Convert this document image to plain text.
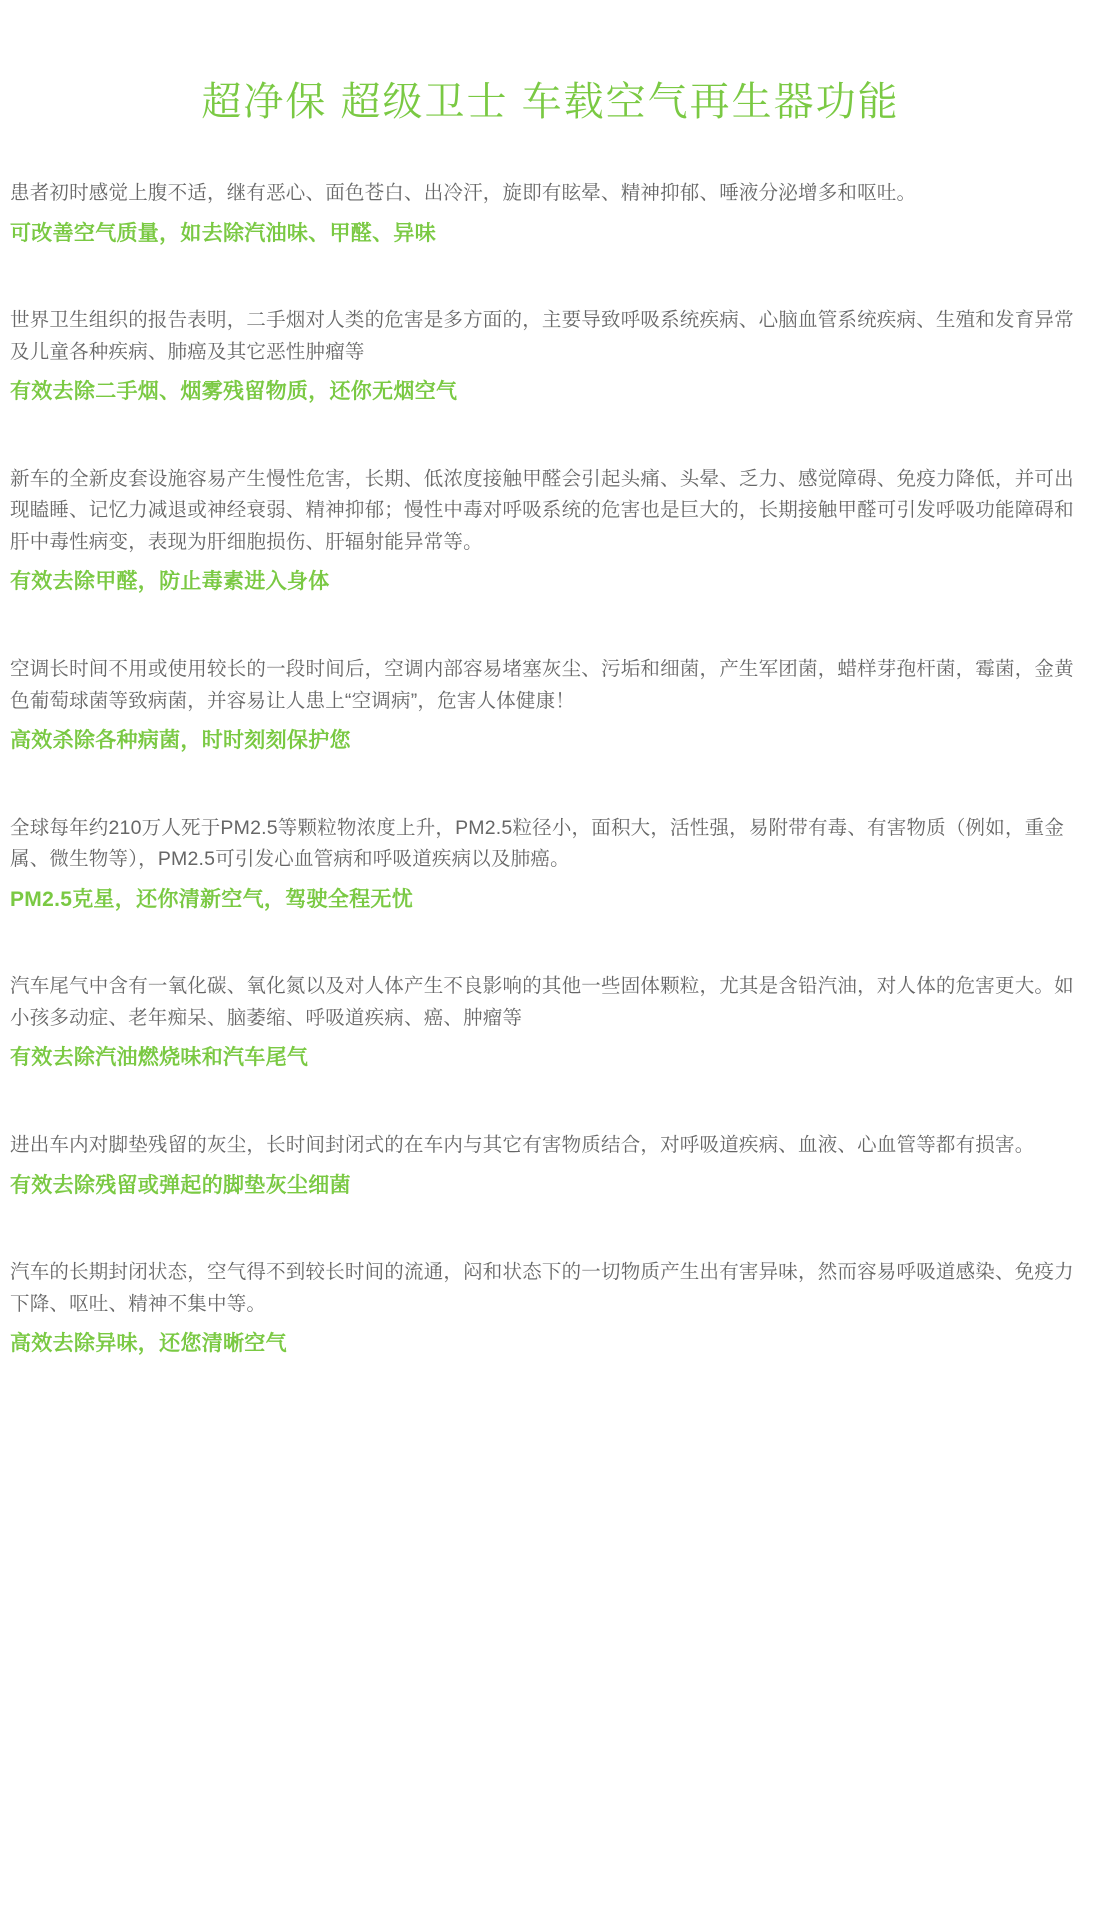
超净保 超级卫士 车载空气再生器功能

患者初时感觉上腹不适，继有恶心、面色苍白、出冷汗，旋即有眩晕、精神抑郁、唾液分泌增多和呕吐。

可改善空气质量，如去除汽油味、甲醛、异味

世界卫生组织的报告表明，二手烟对人类的危害是多方面的，主要导致呼吸系统疾病、心脑血管系统疾病、生殖和发育异常及儿童各种疾病、肺癌及其它恶性肿瘤等

有效去除二手烟、烟雾残留物质，还你无烟空气

新车的全新皮套设施容易产生慢性危害，长期、低浓度接触甲醛会引起头痛、头晕、乏力、感觉障碍、免疫力降低，并可出现瞌睡、记忆力减退或神经衰弱、精神抑郁；慢性中毒对呼吸系统的危害也是巨大的，长期接触甲醛可引发呼吸功能障碍和肝中毒性病变，表现为肝细胞损伤、肝辐射能异常等。

有效去除甲醛，防止毒素进入身体

空调长时间不用或使用较长的一段时间后，空调内部容易堵塞灰尘、污垢和细菌，产生军团菌，蜡样芽孢杆菌，霉菌，金黄色葡萄球菌等致病菌，并容易让人患上“空调病”，危害人体健康！

高效杀除各种病菌，时时刻刻保护您

全球每年约210万人死于PM2.5等颗粒物浓度上升，PM2.5粒径小，面积大，活性强，易附带有毒、有害物质（例如，重金属、微生物等），PM2.5可引发心血管病和呼吸道疾病以及肺癌。

PM2.5克星，还你清新空气，驾驶全程无忧

汽车尾气中含有一氧化碳、氧化氮以及对人体产生不良影响的其他一些固体颗粒，尤其是含铅汽油，对人体的危害更大。如小孩多动症、老年痴呆、脑萎缩、呼吸道疾病、癌、肿瘤等

有效去除汽油燃烧味和汽车尾气

进出车内对脚垫残留的灰尘，长时间封闭式的在车内与其它有害物质结合，对呼吸道疾病、血液、心血管等都有损害。

有效去除残留或弹起的脚垫灰尘细菌

汽车的长期封闭状态，空气得不到较长时间的流通，闷和状态下的一切物质产生出有害异味，然而容易呼吸道感染、免疫力下降、呕吐、精神不集中等。

高效去除异味，还您清晰空气
